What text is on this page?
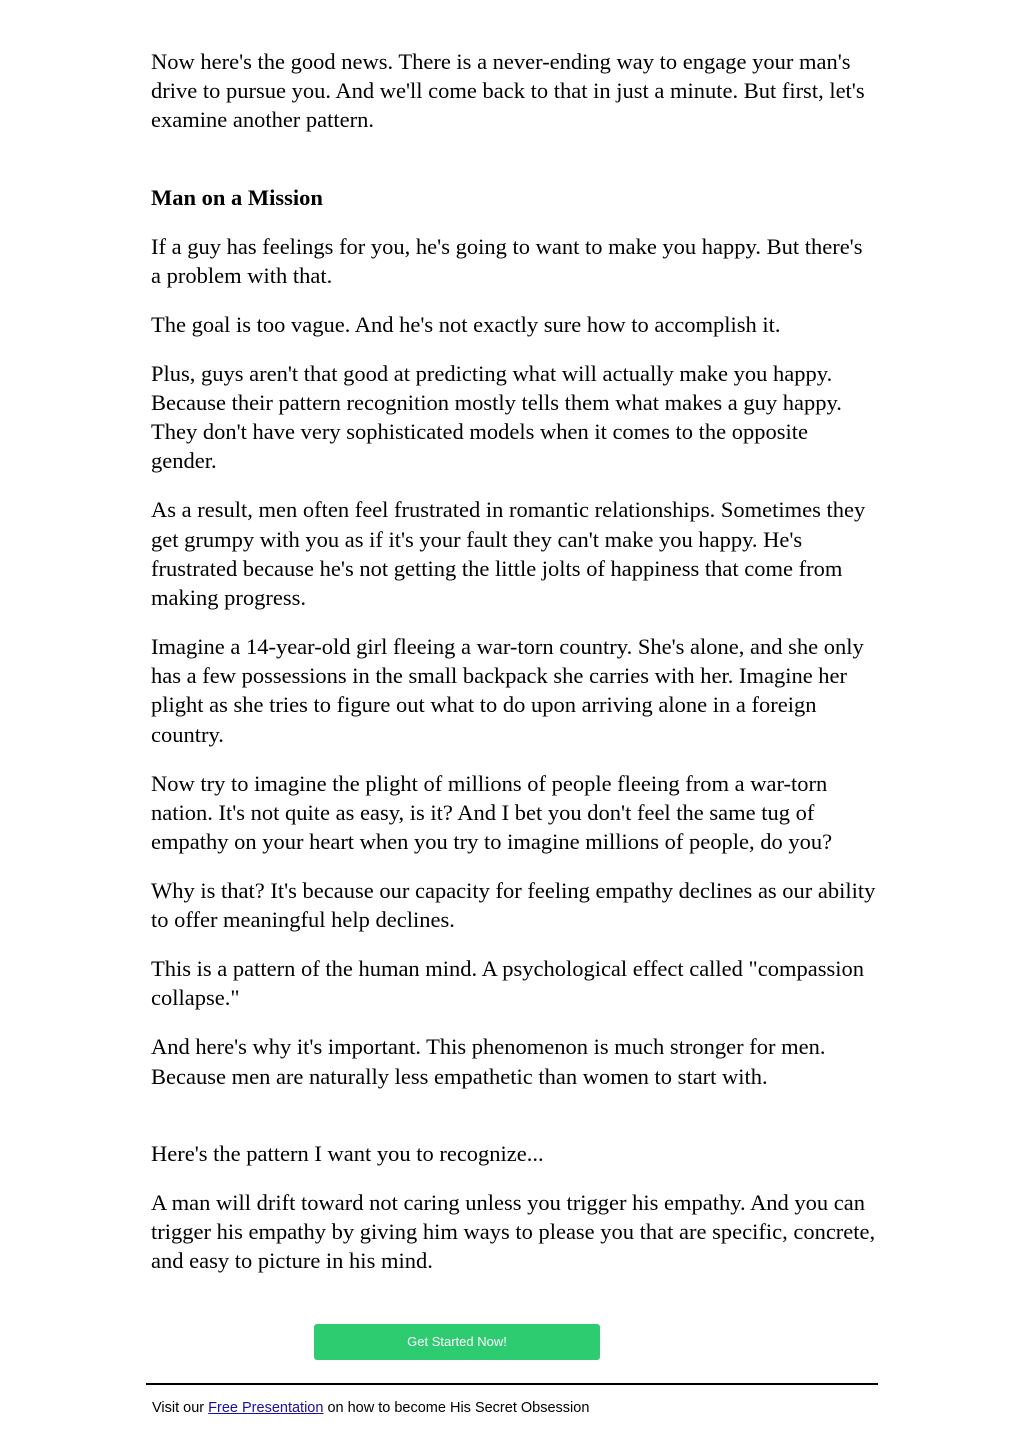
Now here's the good news. There is a never-ending way to engage your man's drive to pursue you. And we'll come back to that in just a minute. But first, let's examine another pattern.

Man on a Mission

If a guy has feelings for you, he's going to want to make you happy. But there's a problem with that.

The goal is too vague. And he's not exactly sure how to accomplish it.

Plus, guys aren't that good at predicting what will actually make you happy. Because their pattern recognition mostly tells them what makes a guy happy. They don't have very sophisticated models when it comes to the opposite gender.

As a result, men often feel frustrated in romantic relationships. Sometimes they get grumpy with you as if it's your fault they can't make you happy. He's frustrated because he's not getting the little jolts of happiness that come from making progress.

Imagine a 14-year-old girl fleeing a war-torn country. She's alone, and she only has a few possessions in the small backpack she carries with her. Imagine her plight as she tries to figure out what to do upon arriving alone in a foreign country.

Now try to imagine the plight of millions of people fleeing from a war-torn nation. It's not quite as easy, is it? And I bet you don't feel the same tug of empathy on your heart when you try to imagine millions of people, do you?

Why is that? It's because our capacity for feeling empathy declines as our ability to offer meaningful help declines.

This is a pattern of the human mind. A psychological effect called "compassion collapse."

And here's why it's important. This phenomenon is much stronger for men. Because men are naturally less empathetic than women to start with.

Here's the pattern I want you to recognize...

A man will drift toward not caring unless you trigger his empathy. And you can trigger his empathy by giving him ways to please you that are specific, concrete, and easy to picture in his mind.

Get Started Now!
Visit our Free Presentation on how to become His Secret Obsession
